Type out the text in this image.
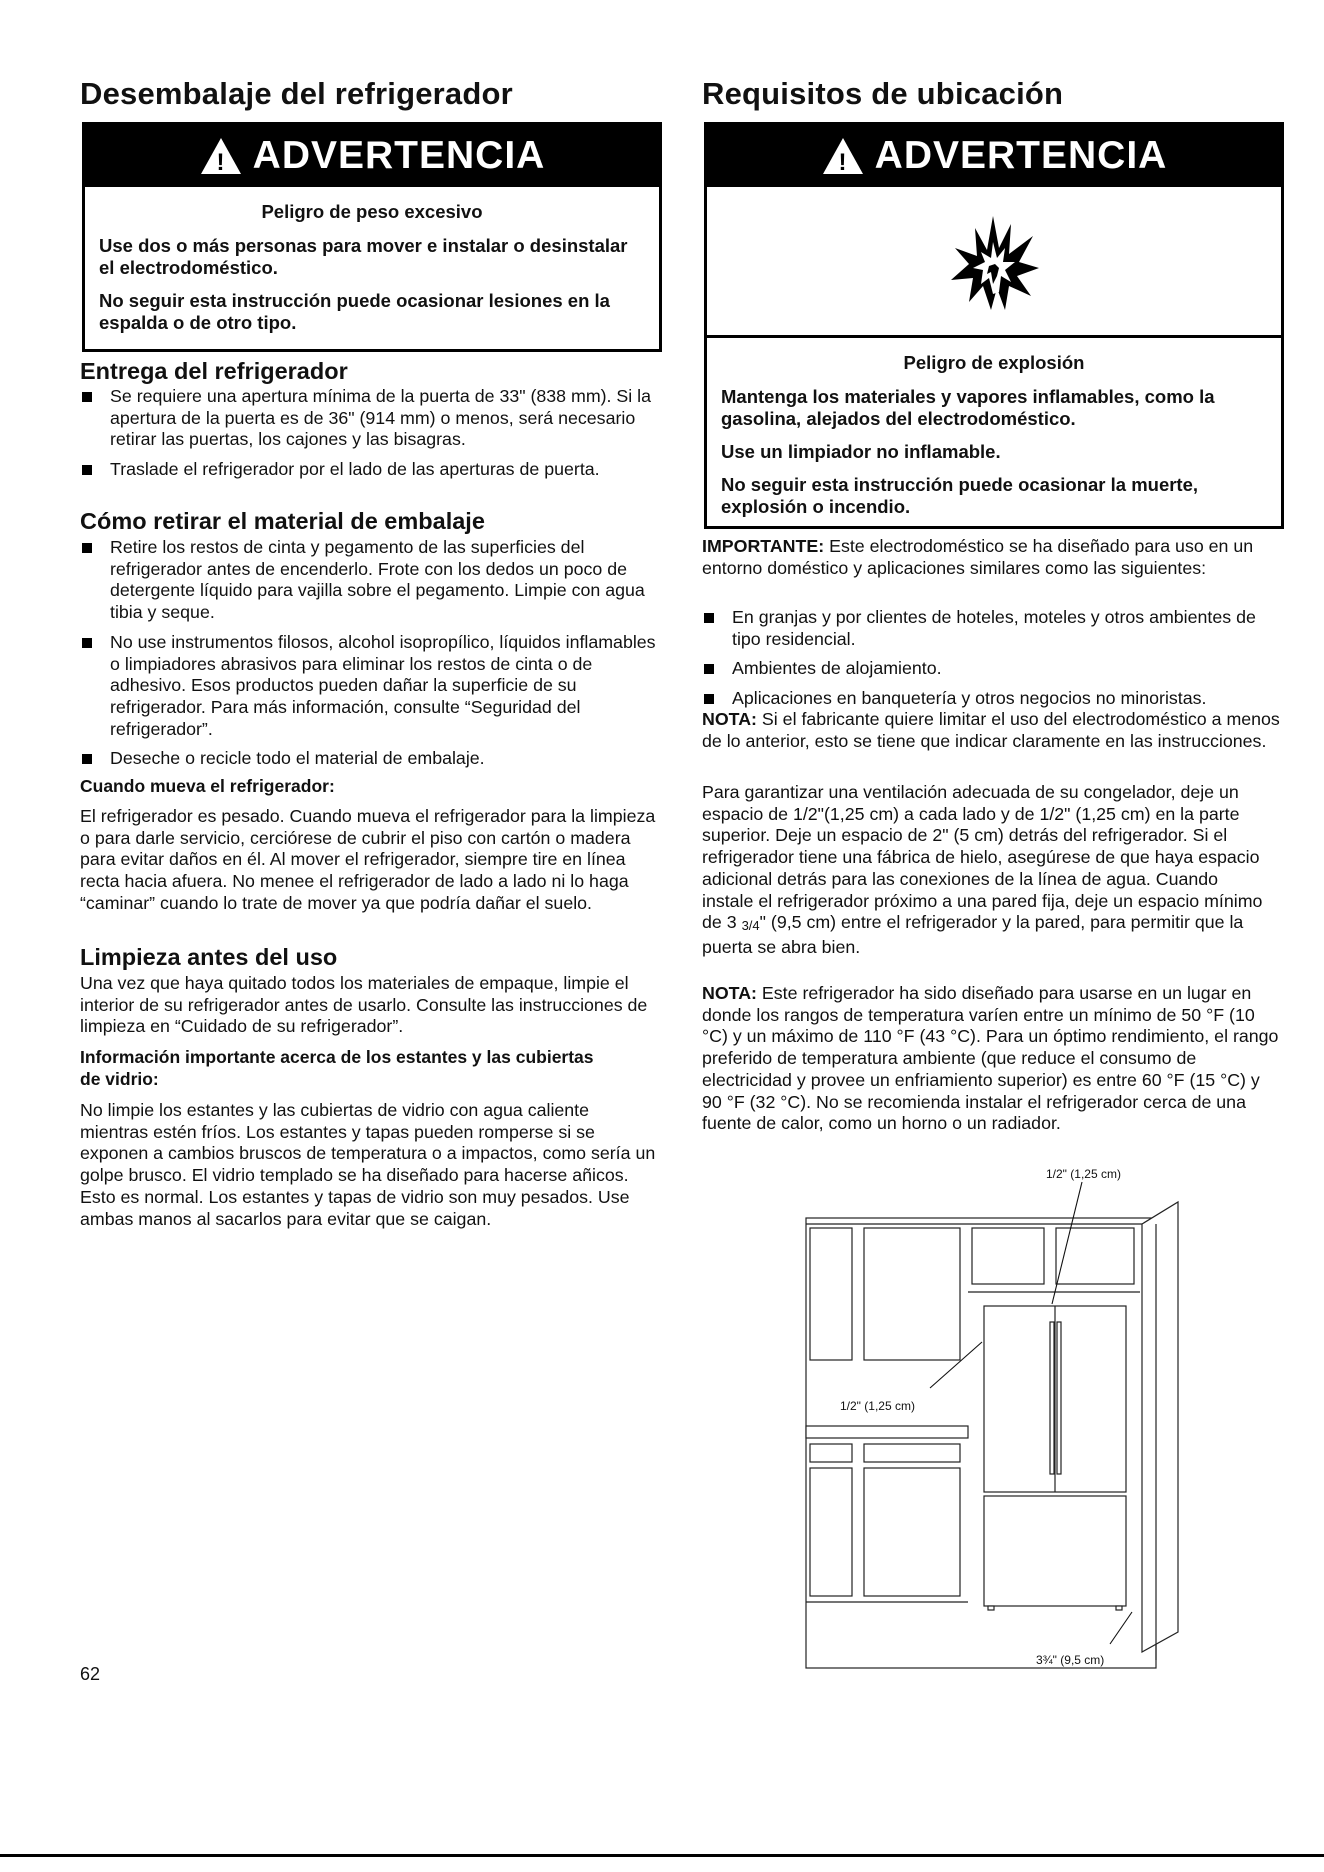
Desembalaje del refrigerador
! ADVERTENCIA
Peligro de peso excesivo

Use dos o más personas para mover e instalar o desinstalar el electrodoméstico.

No seguir esta instrucción puede ocasionar lesiones en la espalda o de otro tipo.

Entrega del refrigerador
Se requiere una apertura mínima de la puerta de 33" (838 mm). Si la apertura de la puerta es de 36" (914 mm) o menos, será necesario retirar las puertas, los cajones y las bisagras.
Traslade el refrigerador por el lado de las aperturas de puerta.
Cómo retirar el material de embalaje
Retire los restos de cinta y pegamento de las superficies del refrigerador antes de encenderlo. Frote con los dedos un poco de detergente líquido para vajilla sobre el pegamento. Limpie con agua tibia y seque.
No use instrumentos filosos, alcohol isopropílico, líquidos inflamables o limpiadores abrasivos para eliminar los restos de cinta o de adhesivo. Esos productos pueden dañar la superficie de su refrigerador. Para más información, consulte “Seguridad del refrigerador”.
Deseche o recicle todo el material de embalaje.
Cuando mueva el refrigerador:

El refrigerador es pesado. Cuando mueva el refrigerador para la limpieza o para darle servicio, cerciórese de cubrir el piso con cartón o madera para evitar daños en él. Al mover el refrigerador, siempre tire en línea recta hacia afuera. No menee el refrigerador de lado a lado ni lo haga “caminar” cuando lo trate de mover ya que podría dañar el suelo.

Limpieza antes del uso

Una vez que haya quitado todos los materiales de empaque, limpie el interior de su refrigerador antes de usarlo. Consulte las instrucciones de limpieza en “Cuidado de su refrigerador”.

Información importante acerca de los estantes y las cubiertas de vidrio:

No limpie los estantes y las cubiertas de vidrio con agua caliente mientras estén fríos. Los estantes y tapas pueden romperse si se exponen a cambios bruscos de temperatura o a impactos, como sería un golpe brusco. El vidrio templado se ha diseñado para hacerse añicos. Esto es normal. Los estantes y tapas de vidrio son muy pesados. Use ambas manos al sacarlos para evitar que se caigan.

Requisitos de ubicación
! ADVERTENCIA
Peligro de explosión

Mantenga los materiales y vapores inflamables, como la gasolina, alejados del electrodoméstico.

Use un limpiador no inflamable.

No seguir esta instrucción puede ocasionar la muerte, explosión o incendio.

IMPORTANTE: Este electrodoméstico se ha diseñado para uso en un entorno doméstico y aplicaciones similares como las siguientes:

En granjas y por clientes de hoteles, moteles y otros ambientes de tipo residencial.
Ambientes de alojamiento.
Aplicaciones en banquetería y otros negocios no minoristas.

NOTA: Si el fabricante quiere limitar el uso del electrodoméstico a menos de lo anterior, esto se tiene que indicar claramente en las instrucciones.

Para garantizar una ventilación adecuada de su congelador, deje un espacio de 1/2"(1,25 cm) a cada lado y de 1/2" (1,25 cm) en la parte superior. Deje un espacio de 2" (5 cm) detrás del refrigerador. Si el refrigerador tiene una fábrica de hielo, asegúrese de que haya espacio adicional detrás para las conexiones de la línea de agua. Cuando instale el refrigerador próximo a una pared fija, deje un espacio mínimo de 3 $_{3/4}$" (9,5 cm) entre el refrigerador y la pared, para permitir que la puerta se abra bien.

NOTA: Este refrigerador ha sido diseñado para usarse en un lugar en donde los rangos de temperatura varíen entre un mínimo de 50 °F (10 °C) y un máximo de 110 °F (43 °C). Para un óptimo rendimiento, el rango preferido de temperatura ambiente (que reduce el consumo de electricidad y provee un enfriamiento superior) es entre 60 °F (15 °C) y 90 °F (32 °C). No se recomienda instalar el refrigerador cerca de una fuente de calor, como un horno o un radiador.

1/2" (1,25 cm)
1/2" (1,25 cm)
3¾" (9,5 cm)
62
